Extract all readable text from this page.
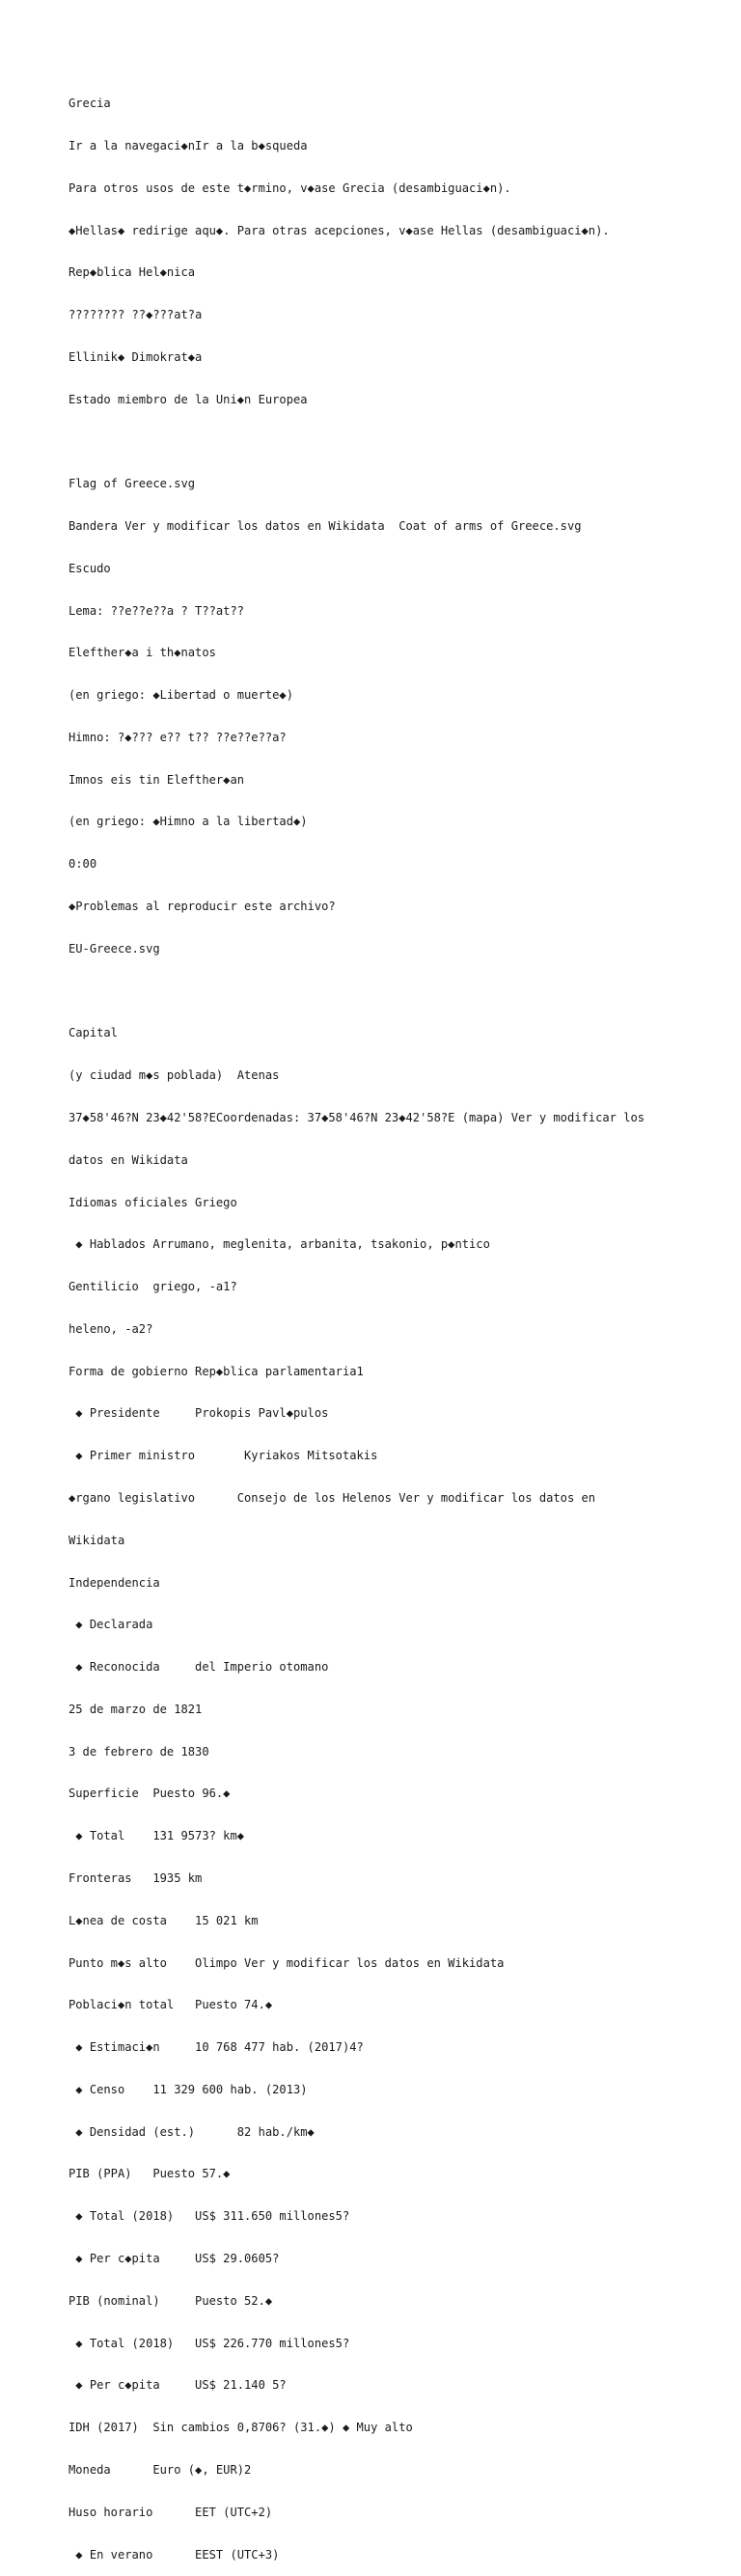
Grecia

Ir a la navegaci◆nIr a la b◆squeda

Para otros usos de este t◆rmino, v◆ase Grecia (desambiguaci◆n).

◆Hellas◆ redirige aqu◆. Para otras acepciones, v◆ase Hellas (desambiguaci◆n).

Rep◆blica Hel◆nica

???????? ??◆???at?a

Ellinik◆ Dimokrat◆a

Estado miembro de la Uni◆n Europea

Flag of Greece.svg

Bandera Ver y modificar los datos en Wikidata  Coat of arms of Greece.svg

Escudo

Lema: ??e??e??a ? T??at??

Elefther◆a i th◆natos

(en griego: ◆Libertad o muerte◆)

Himno: ?◆??? e?? t?? ??e??e??a?

Imnos eis tin Elefther◆an

(en griego: ◆Himno a la libertad◆)

0:00

◆Problemas al reproducir este archivo?

EU-Greece.svg

Capital

(y ciudad m◆s poblada)  Atenas

37◆58'46?N 23◆42'58?ECoordenadas: 37◆58'46?N 23◆42'58?E (mapa) Ver y modificar los

datos en Wikidata

Idiomas oficiales Griego

◆ Hablados Arrumano, meglenita, arbanita, tsakonio, p◆ntico

Gentilicio  griego, -a1?

heleno, -a2?

Forma de gobierno Rep◆blica parlamentaria1

◆ Presidente     Prokopis Pavl◆pulos

◆ Primer ministro       Kyriakos Mitsotakis

◆rgano legislativo      Consejo de los Helenos Ver y modificar los datos en

Wikidata

Independencia

◆ Declarada

◆ Reconocida     del Imperio otomano

25 de marzo de 1821

3 de febrero de 1830

Superficie  Puesto 96.◆

◆ Total    131 9573? km◆

Fronteras   1935 km

L◆nea de costa    15 021 km

Punto m◆s alto    Olimpo Ver y modificar los datos en Wikidata

Poblaci◆n total   Puesto 74.◆

◆ Estimaci◆n     10 768 477 hab. (2017)4?

◆ Censo    11 329 600 hab. (2013)

◆ Densidad (est.)      82 hab./km◆

PIB (PPA)   Puesto 57.◆

◆ Total (2018)   US$ 311.650 millones5?

◆ Per c◆pita     US$ 29.0605?

PIB (nominal)     Puesto 52.◆

◆ Total (2018)   US$ 226.770 millones5?

◆ Per c◆pita     US$ 21.140 5?

IDH (2017)  Sin cambios 0,8706? (31.◆) ◆ Muy alto

Moneda      Euro (◆, EUR)2

Huso horario      EET (UTC+2)

◆ En verano      EEST (UTC+3)
